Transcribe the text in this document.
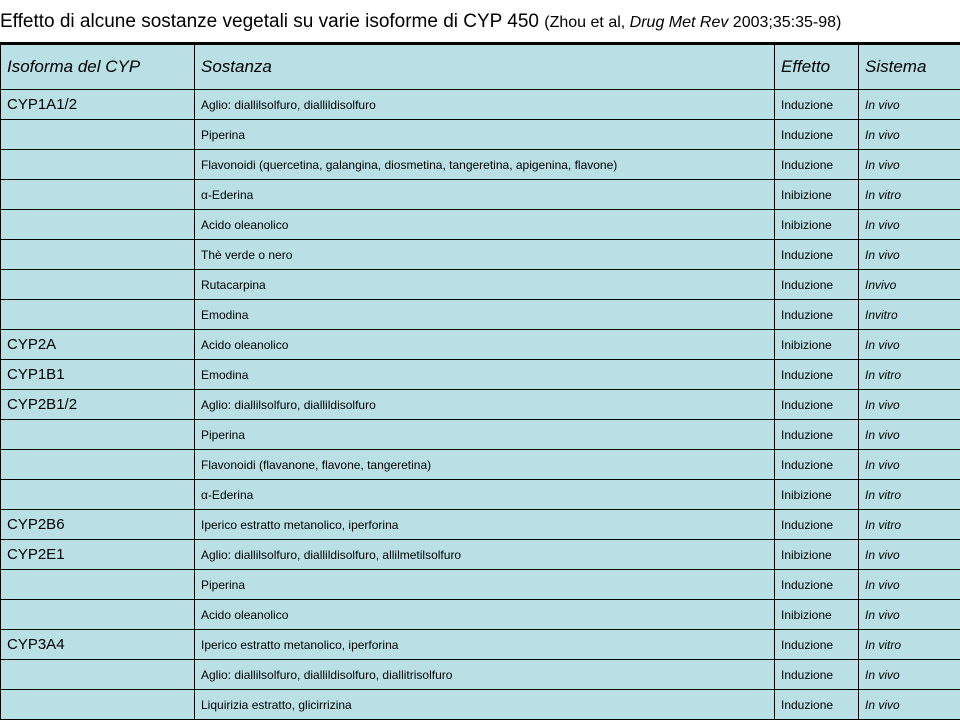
Effetto di alcune sostanze vegetali su varie isoforme di CYP 450 (Zhou et al, Drug Met Rev 2003;35:35-98)
Isoforma del CYP	Sostanza	Effetto	Sistema
CYP1A1/2	Aglio: diallilsolfuro, diallildisolfuro	Induzione	In vivo
	Piperina	Induzione	In vivo
	Flavonoidi (quercetina, galangina, diosmetina, tangeretina, apigenina, flavone)	Induzione	In vivo
	α-Ederina	Inibizione	In vitro
	Acido oleanolico	Inibizione	In vivo
	Thè verde o nero	Induzione	In vivo
	Rutacarpina	Induzione	Invivo
	Emodina	Induzione	Invitro
CYP2A	Acido oleanolico	Inibizione	In vivo
CYP1B1	Emodina	Induzione	In vitro
CYP2B1/2	Aglio: diallilsolfuro, diallildisolfuro	Induzione	In vivo
	Piperina	Induzione	In vivo
	Flavonoidi (flavanone, flavone, tangeretina)	Induzione	In vivo
	α-Ederina	Inibizione	In vitro
CYP2B6	Iperico estratto metanolico, iperforina	Induzione	In vitro
CYP2E1	Aglio: diallilsolfuro, diallildisolfuro, allilmetilsolfuro	Inibizione	In vivo
	Piperina	Induzione	In vivo
	Acido oleanolico	Inibizione	In vivo
CYP3A4	Iperico estratto metanolico, iperforina	Induzione	In vitro
	Aglio: diallilsolfuro, diallildisolfuro, diallitrisolfuro	Induzione	In vivo
	Liquirizia estratto, glicirrizina	Induzione	In vivo
